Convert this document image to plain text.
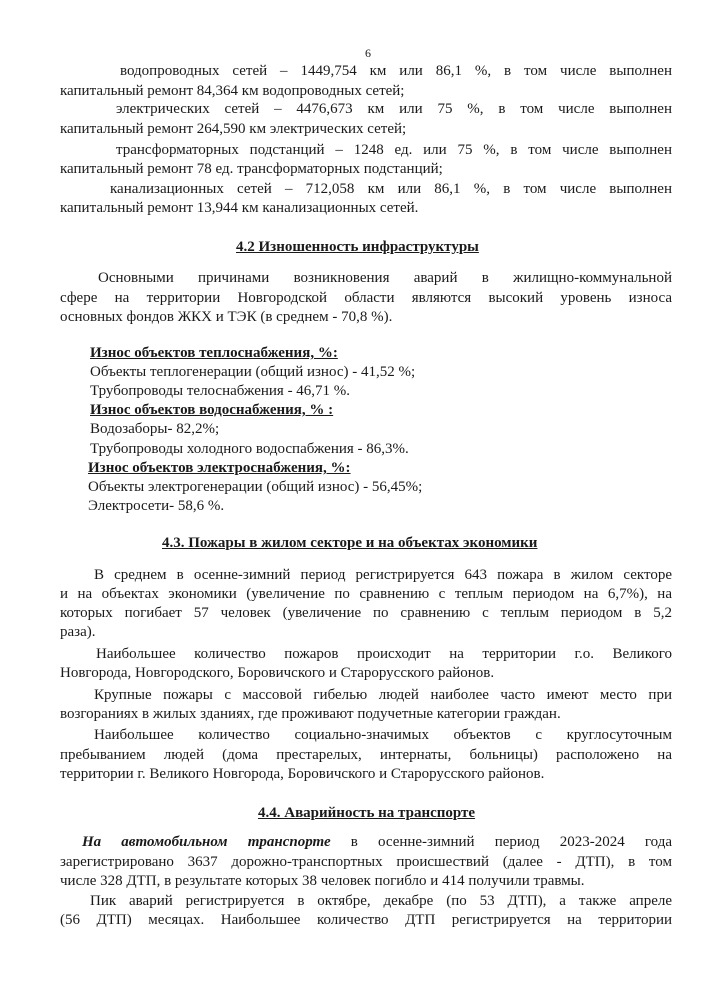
6
водопроводных сетей – 1449,754 км или 86,1 %, в том числе выполнен
капитальный ремонт 84,364 км водопроводных сетей;
электрических сетей – 4476,673 км или 75 %, в том числе выполнен
капитальный ремонт 264,590 км электрических сетей;
трансформаторных подстанций – 1248 ед. или 75 %, в том числе выполнен
капитальный ремонт 78 ед. трансформаторных подстанций;
канализационных сетей – 712,058 км или 86,1 %, в том числе выполнен
капитальный ремонт 13,944 км канализационных сетей.
4.2 Изношенность инфраструктуры
Основными причинами возникновения аварий в жилищно-коммунальной
сфере на территории Новгородской области являются высокий уровень износа
основных фондов ЖКХ и ТЭК (в среднем - 70,8 %).
Износ объектов теплоснабжения, %:
Объекты теплогенерации (общий износ) - 41,52 %;
Трубопроводы телоснабжения - 46,71 %.
Износ объектов водоснабжения, % :
Водозаборы- 82,2%;
Трубопроводы холодного водоспабжения - 86,3%.
Износ объектов электроснабжения, %:
Объекты электрогенерации (общий износ) - 56,45%;
Электросети- 58,6 %.
4.3. Пожары в жилом секторе и на объектах экономики
В среднем в осенне-зимний период регистрируется 643 пожара в жилом секторе
и на объектах экономики (увеличение по сравнению с теплым периодом на 6,7%), на
которых погибает 57 человек (увеличение по сравнению с теплым периодом в 5,2
раза).
Наибольшее количество пожаров происходит на территории г.о. Великого
Новгорода, Новгородского, Боровичского и Старорусского районов.
Крупные пожары с массовой гибелью людей наиболее часто имеют место при
возгораниях в жилых зданиях, где проживают подучетные категории граждан.
Наибольшее количество социально-значимых объектов с круглосуточным
пребыванием людей (дома престарелых, интернаты, больницы) расположено на
территории г. Великого Новгорода, Боровичского и Старорусского районов.
4.4. Аварийность на транспорте
На автомобильном транспорте в осенне-зимний период 2023-2024 года
зарегистрировано 3637 дорожно-транспортных происшествий (далее - ДТП), в том
числе 328 ДТП, в результате которых 38 человек погибло и 414 получили травмы.
Пик аварий регистрируется в октябре, декабре (по 53 ДТП), а также апреле
(56 ДТП) месяцах. Наибольшее количество ДТП регистрируется на территории
